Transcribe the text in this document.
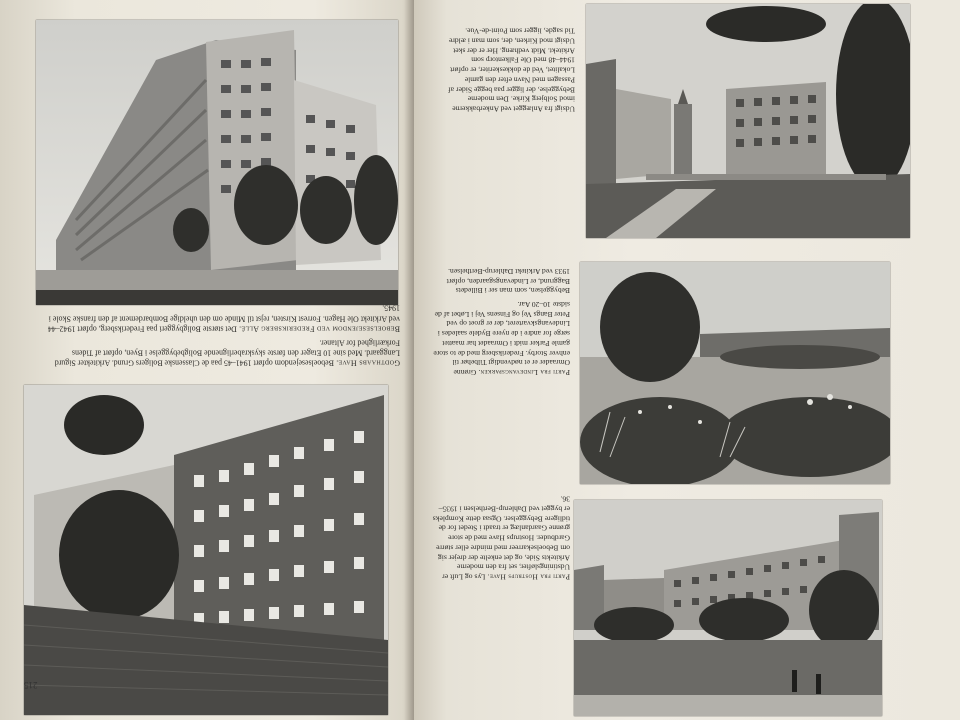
Godthaabs Have. Beboelsesejendom opført 1941–45 paa de Classenske Boligers Grund. Arkitekter Sigurd Langgaard. Med sine 10 Etager den første skyskraberlignende Boligbebyggelse i Byen, opført af Tidens Forkærlighed for Altaner.

Beboelsesejendom ved Frederiksberg Allé. Det største Boligbyggeri paa Frederiksberg, opført 1942–44 ved Arkitekt Ole Hagen. Forrest Kirsten, rejst til Minde om den uheldige Bombardement af den franske Skole i 1945.

215

Udsigt fra Anlægget ved Ankerbakkerne imod Solbjerg Kirke. Den moderne Bebyggelse, der ligger paa begge Sider af Passagen med Navn efter den gamle Lokalitet, Ved de dokkeskeriter, er opført 1944–48 med Ole Falkentorp som Arkitekt. Midt vedhæng. Her er der sket Udsigt mod Kirken, der, som man i ældre Tid sagde, ligger som Point-de-Vue.

Parti fra Lindevangsparken. Grønne Omraader er et nødvendigt Tilbehør til enhver Storby. Frederiksberg med de to store gamle Parker midt i Omraadet har maattet sørge for andre i de nyere Bydele saaledes i Lindevangskvarteret, der er groet op ved Peter Bangs Vej og Finsens Vej i Løbet af de sidste 10–20 Aar.

Bebyggelsen, som man ser i Billedets Baggrund, er Lindevangsgaarden, opført 1933 ved Arkitekt Dahlerup-Berthelsen.

Parti fra Hostrups Have. Lys og Luft er Udstiningsløfter, set fra den moderne Arkitekts Side, og det enkelte der drejer sig om Beboelsekarreer med mindre eller større Gardbuder. Hostrups Have med de store grønne Gaardanlæg er traadt i Stedet for de tidligere Bebyggelser. Ogsaa dette Kompleks er bygget ved Dahlerup-Berthelsen i 1935–36.
